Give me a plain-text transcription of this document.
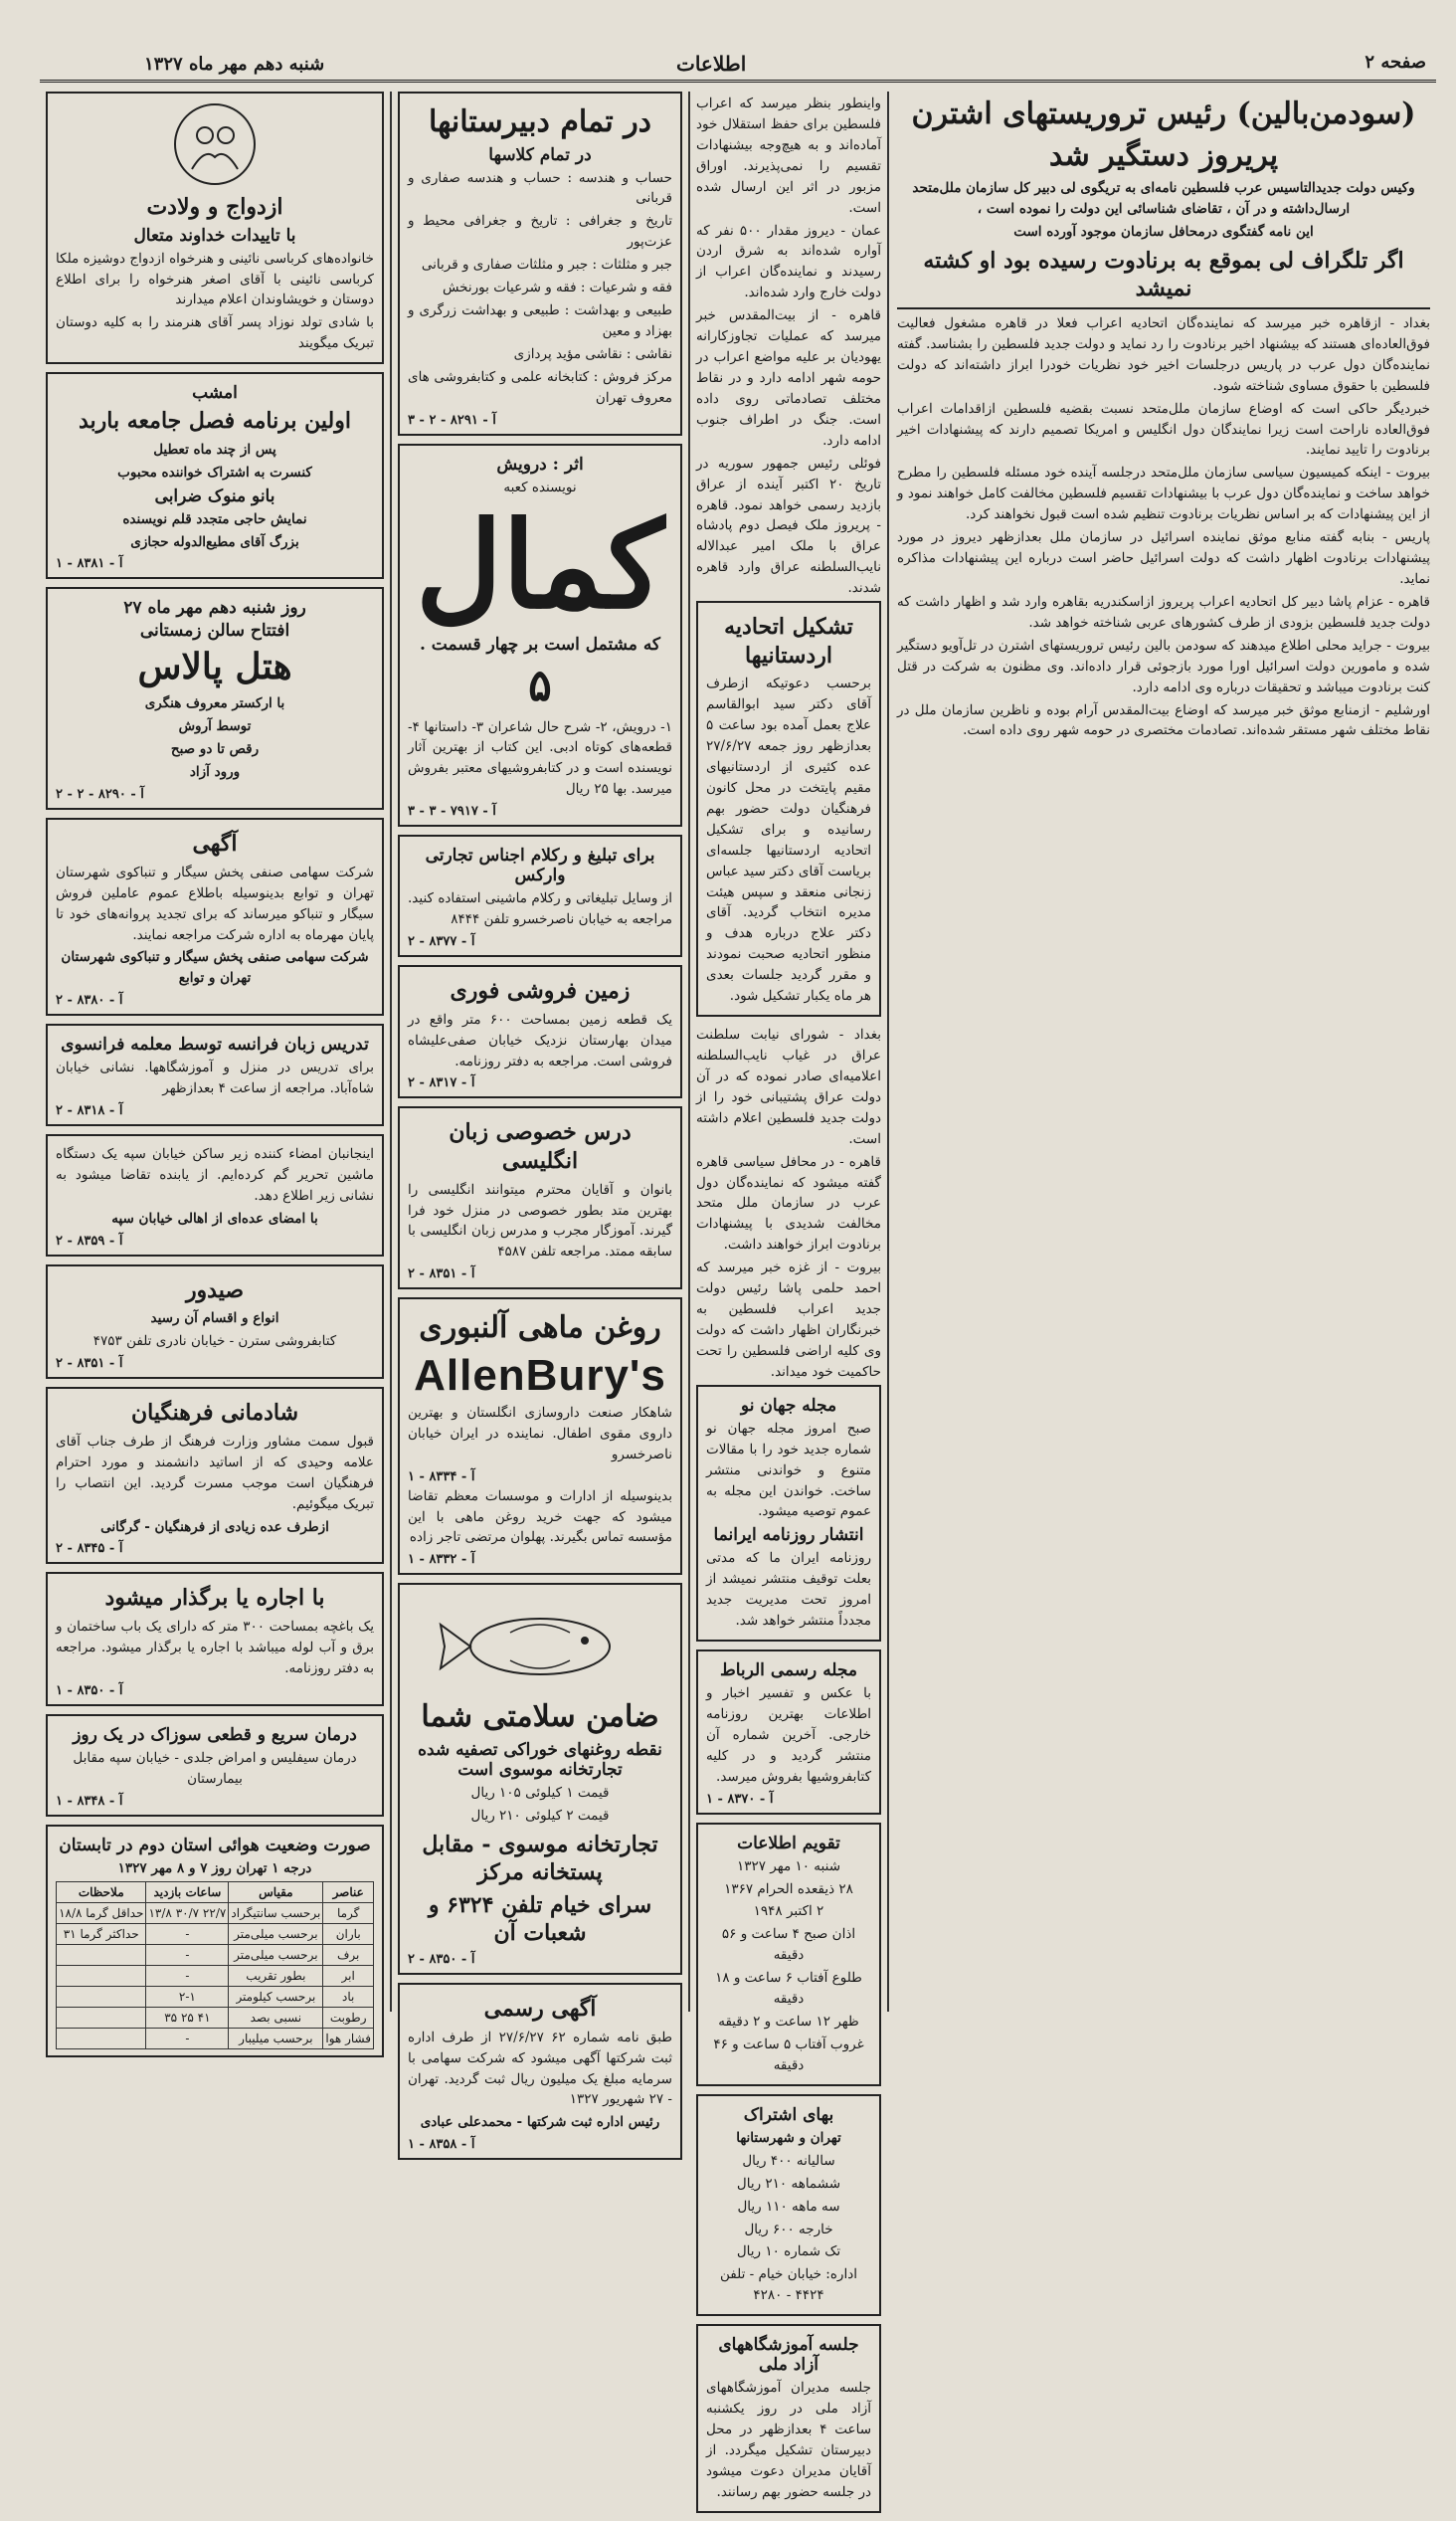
شنبه دهم مهر ماه ۱۳۲۷	اطلاعات	صفحه ۲
(سودمن‌بالین) رئیس تروریستهای اشترن
پریروز دستگیر شد
وکیس دولت جدیدالتاسیس عرب فلسطین نامه‌ای به تریگوی لی دبیر کل سازمان ملل‌متحد ارسال‌داشته و در آن ، تقاضای شناسائی این دولت را نموده است ،
این نامه گفتگوی درمحافل سازمان موجود آورده است
اگر تلگراف لی بموقع به برنادوت رسیده بود او کشته نمیشد
بغداد - ازقاهره خبر میرسد که نماینده‌گان اتحادیه اعراب فعلا در قاهره مشغول فعالیت فوق‌العاده‌ای هستند که بیشنهاد اخیر برنادوت را رد نماید و دولت جدید فلسطین را بشناسد. گفته نماینده‌گان دول عرب در پاریس درجلسات اخیر خود نظریات خودرا ابراز داشته‌اند که دولت فلسطین با حقوق مساوی شناخته شود.
خبردیگر حاکی است که اوضاع سازمان ملل‌متحد نسبت بقضیه فلسطین ازاقدامات اعراب فوق‌العاده ناراحت است زیرا نمایندگان دول انگلیس و امریکا تصمیم دارند که پیشنهادات اخیر برنادوت را تایید نمایند.
بیروت - اینکه کمیسیون سیاسی سازمان ملل‌متحد درجلسه آینده خود مسئله فلسطین را مطرح خواهد ساخت و نماینده‌گان دول عرب با بیشنهادات تقسیم فلسطین مخالفت کامل خواهند نمود و از این پیشنهادات که بر اساس نظریات برنادوت تنظیم شده است قبول نخواهند کرد.
پاریس - بنابه گفته منابع موثق نماینده اسرائیل در سازمان ملل بعدازظهر دیروز در مورد پیشنهادات برنادوت اظهار داشت که دولت اسرائیل حاضر است درباره این پیشنهادات مذاکره نماید.
قاهره - عزام پاشا دبیر کل اتحادیه اعراب پریروز ازاسکندریه بقاهره وارد شد و اظهار داشت که دولت جدید فلسطین بزودی از طرف کشورهای عربی شناخته خواهد شد.
بیروت - جراید محلی اطلاع میدهند که سودمن بالین رئیس تروریستهای اشترن در تل‌آویو دستگیر شده و مامورین دولت اسرائیل اورا مورد بازجوئی قرار داده‌اند. وی مظنون به شرکت در قتل کنت برنادوت میباشد و تحقیقات درباره وی ادامه دارد.
اورشلیم - ازمنابع موثق خبر میرسد که اوضاع بیت‌المقدس آرام بوده و ناظرین سازمان ملل در نقاط مختلف شهر مستقر شده‌اند. تصادمات مختصری در حومه شهر روی داده است.
واینطور بنظر میرسد که اعراب فلسطین برای حفظ استقلال خود آماده‌اند و به هیچ‌وجه بیشنهادات تقسیم را نمی‌پذیرند. اوراق مزبور در اثر این ارسال شده است.
عمان - دیروز مقدار ۵۰۰ نفر که آواره شده‌اند به شرق اردن رسیدند و نماینده‌گان اعراب از دولت خارج وارد شده‌اند.
قاهره - از بیت‌المقدس خبر میرسد که عملیات تجاوزکارانه یهودیان بر علیه مواضع اعراب در حومه شهر ادامه دارد و در نقاط مختلف تصادماتی روی داده است. جنگ در اطراف جنوب ادامه دارد.
فوئلی رئیس جمهور سوریه در تاریخ ۲۰ اکتبر آینده از عراق بازدید رسمی خواهد نمود. قاهره - پریروز ملک فیصل دوم پادشاه عراق با ملک امیر عبدالاله نایب‌السلطنه عراق وارد قاهره شدند.
تشکیل اتحادیه اردستانیها
برحسب دعوتیکه ازطرف آقای دکتر سید ابوالقاسم علاج بعمل آمده بود ساعت ۵ بعدازظهر روز جمعه ۲۷/۶/۲۷ عده کثیری از اردستانیهای مقیم پایتخت در محل کانون فرهنگیان دولت حضور بهم رسانیده و برای تشکیل اتحادیه اردستانیها جلسه‌ای بریاست آقای دکتر سید عباس زنجانی منعقد و سپس هیئت مدیره انتخاب گردید. آقای دکتر علاج درباره هدف و منظور اتحادیه صحبت نمودند و مقرر گردید جلسات بعدی هر ماه یکبار تشکیل شود.
بغداد - شورای نیابت سلطنت عراق در غیاب نایب‌السلطنه اعلامیه‌ای صادر نموده که در آن دولت عراق پشتیبانی خود را از دولت جدید فلسطین اعلام داشته است.
قاهره - در محافل سیاسی قاهره گفته میشود که نماینده‌گان دول عرب در سازمان ملل متحد مخالفت شدیدی با پیشنهادات برنادوت ابراز خواهند داشت.
بیروت - از غزه خبر میرسد که احمد حلمی پاشا رئیس دولت جدید اعراب فلسطین به خبرنگاران اظهار داشت که دولت وی کلیه اراضی فلسطین را تحت حاکمیت خود میداند.
مجله جهان نو
صبح امروز مجله جهان نو شماره جدید خود را با مقالات متنوع و خواندنی منتشر ساخت. خواندن این مجله به عموم توصیه میشود.
انتشار روزنامه ایرانما
روزنامه ایران ما که مدتی بعلت توقیف منتشر نمیشد از امروز تحت مدیریت جدید مجدداً منتشر خواهد شد.
مجله رسمی الرباط
با عکس و تفسیر اخبار و اطلاعات بهترین روزنامه خارجی. آخرین شماره آن منتشر گردید و در کلیه کتابفروشیها بفروش میرسد.
آ - ۸۳۷۰ - ۱
تقویم اطلاعات
شنبه ۱۰ مهر ۱۳۲۷
۲۸ ذیقعده الحرام ۱۳۶۷
۲ اکتبر ۱۹۴۸
اذان صبح ۴ ساعت و ۵۶ دقیقه
طلوع آفتاب ۶ ساعت و ۱۸ دقیقه
ظهر ۱۲ ساعت و ۲ دقیقه
غروب آفتاب ۵ ساعت و ۴۶ دقیقه
بهای اشتراک
تهران و شهرستانها
سالیانه ۴۰۰ ریال
ششماهه ۲۱۰ ریال
سه ماهه ۱۱۰ ریال
خارجه ۶۰۰ ریال
تک شماره ۱۰ ریال
اداره: خیابان خیام - تلفن ۴۴۲۴ - ۴۲۸۰
جلسه آموزشگاههای آزاد ملی
جلسه مدیران آموزشگاههای آزاد ملی در روز یکشنبه ساعت ۴ بعدازظهر در محل دبیرستان تشکیل میگردد. از آقایان مدیران دعوت میشود در جلسه حضور بهم رسانند.
در تمام دبیرستانها
در تمام کلاسها
حساب و هندسه : حساب و هندسه صفاری و قربانی
تاریخ و جغرافی : تاریخ و جغرافی محیط و عزت‌پور
جبر و مثلثات : جبر و مثلثات صفاری و قربانی
فقه و شرعیات : فقه و شرعیات بورنخش
طبیعی و بهداشت : طبیعی و بهداشت زرگری و بهزاد و معین
نقاشی : نقاشی مؤید پردازی
مرکز فروش : کتابخانه علمی و کتابفروشی های معروف تهران
آ - ۸۲۹۱ - ۲ - ۳
اثر : درویش
نویسنده کعبه
کمال
که مشتمل است بر چهار قسمت .
۵
۱- درویش، ۲- شرح حال شاعران ۳- داستانها ۴- قطعه‌های کوتاه ادبی. این کتاب از بهترین آثار نویسنده است و در کتابفروشیهای معتبر بفروش میرسد. بها ۲۵ ریال
آ - ۷۹۱۷ - ۳ - ۳
برای تبلیغ و رکلام اجناس تجارتی وارکس
از وسایل تبلیغاتی و رکلام ماشینی استفاده کنید. مراجعه به خیابان ناصرخسرو تلفن ۸۴۴۴
آ - ۸۳۷۷ - ۲
زمین فروشی فوری
یک قطعه زمین بمساحت ۶۰۰ متر واقع در میدان بهارستان نزدیک خیابان صفی‌علیشاه فروشی است. مراجعه به دفتر روزنامه.
آ - ۸۳۱۷ - ۲
درس خصوصی زبان انگلیسی
بانوان و آقایان محترم میتوانند انگلیسی را بهترین متد بطور خصوصی در منزل خود فرا گیرند. آموزگار مجرب و مدرس زبان انگلیسی با سابقه ممتد. مراجعه تلفن ۴۵۸۷
آ - ۸۳۵۱ - ۲
روغن ماهی آلنبوری
AllenBury's
شاهکار صنعت داروسازی انگلستان و بهترین داروی مقوی اطفال. نماینده در ایران خیابان ناصرخسرو
آ - ۸۳۳۴ - ۱
بدینوسیله از ادارات و موسسات معظم تقاضا میشود که جهت خرید روغن ماهی با این مؤسسه تماس بگیرند. پهلوان مرتضی تاجر زاده
آ - ۸۳۳۲ - ۱
ضامن سلامتی شما
نقطه روغنهای خوراکی تصفیه شده تجارتخانه موسوی است
قیمت ۱ کیلوئی ۱۰۵ ریال
قیمت ۲ کیلوئی ۲۱۰ ریال
تجارتخانه موسوی - مقابل پستخانه مرکز
سرای خیام تلفن ۶۳۲۴ و شعبات آن
آ - ۸۳۵۰ - ۲
آگهی رسمی
طبق نامه شماره ۶۲ ۲۷/۶/۲۷ از طرف اداره ثبت شرکتها آگهی میشود که شرکت سهامی با سرمایه مبلغ یک میلیون ریال ثبت گردید. تهران - ۲۷ شهریور ۱۳۲۷
رئیس اداره ثبت شرکتها - محمدعلی عبادی
آ - ۸۳۵۸ - ۱
ازدواج و ولادت
با تاییدات خداوند متعال
خانواده‌های کرباسی نائینی و هنرخواه ازدواج دوشیزه ملکا کرباسی نائینی با آقای اصغر هنرخواه را برای اطلاع دوستان و خویشاوندان اعلام میدارند
با شادی تولد نوزاد پسر آقای هنرمند را به کلیه دوستان تبریک میگویند
امشب
اولین برنامه فصل جامعه باربد
پس از چند ماه تعطیل
کنسرت به اشتراک خواننده محبوب
بانو منوک ضرابی
نمایش حاجی متجدد قلم نویسنده
بزرگ آقای مطیع‌الدوله حجازی
آ - ۸۳۸۱ - ۱
روز شنبه دهم مهر ماه ۲۷
افتتاح سالن زمستانی
هتل پالاس
با ارکستر معروف هنگری
توسط آروش
رقص تا دو صبح
ورود آزاد
آ - ۸۲۹۰ - ۲ - ۲
آگهی
شرکت سهامی صنفی پخش سیگار و تنباکوی شهرستان تهران و توابع بدینوسیله باطلاع عموم عاملین فروش سیگار و تنباکو میرساند که برای تجدید پروانه‌های خود تا پایان مهرماه به اداره شرکت مراجعه نمایند.
شرکت سهامی صنفی پخش سیگار و تنباکوی شهرستان تهران و توابع
آ - ۸۳۸۰ - ۲
تدریس زبان فرانسه توسط معلمه فرانسوی
برای تدریس در منزل و آموزشگاهها. نشانی خیابان شاه‌آباد. مراجعه از ساعت ۴ بعدازظهر
آ - ۸۳۱۸ - ۲
اینجانبان امضاء کننده زیر ساکن خیابان سپه یک دستگاه ماشین تحریر گم کرده‌ایم. از یابنده تقاضا میشود به نشانی زیر اطلاع دهد.
با امضای عده‌ای از اهالی خیابان سپه
آ - ۸۳۵۹ - ۲
صیدور
انواع و اقسام آن رسید
کتابفروشی سترن - خیابان نادری تلفن ۴۷۵۳
آ - ۸۳۵۱ - ۲
شادمانی فرهنگیان
قبول سمت مشاور وزارت فرهنگ از طرف جناب آقای علامه وحیدی که از اساتید دانشمند و مورد احترام فرهنگیان است موجب مسرت گردید. این انتصاب را تبریک میگوئیم.
ازطرف عده زیادی از فرهنگیان - گرگانی
آ - ۸۳۴۵ - ۲
با اجاره یا برگذار میشود
یک باغچه بمساحت ۳۰۰ متر که دارای یک باب ساختمان و برق و آب لوله میباشد با اجاره یا برگذار میشود. مراجعه به دفتر روزنامه.
آ - ۸۳۵۰ - ۱
درمان سریع و قطعی سوزاک در یک روز
درمان سیفلیس و امراض جلدی - خیابان سپه مقابل بیمارستان
آ - ۸۳۴۸ - ۱
صورت وضعیت هوائی استان دوم در تابستان
درجه ۱ تهران روز ۷ و ۸ مهر ۱۳۲۷
عناصر	مقیاس	ساعات بازدید	ملاحظات
گرما	برحسب سانتیگراد	۲۲/۷ ۳۰/۷ ۱۳/۸	حداقل گرما ۱۸/۸
باران	برحسب میلی‌متر	-	حداکثر گرما ۳۱
برف	برحسب میلی‌متر	-	
ابر	بطور تقریب	-	
باد	برحسب کیلومتر	۲-۱	
رطوبت	نسبی بصد	۴۱ ۲۵ ۳۵	
فشار هوا	برحسب میلیبار	-	
